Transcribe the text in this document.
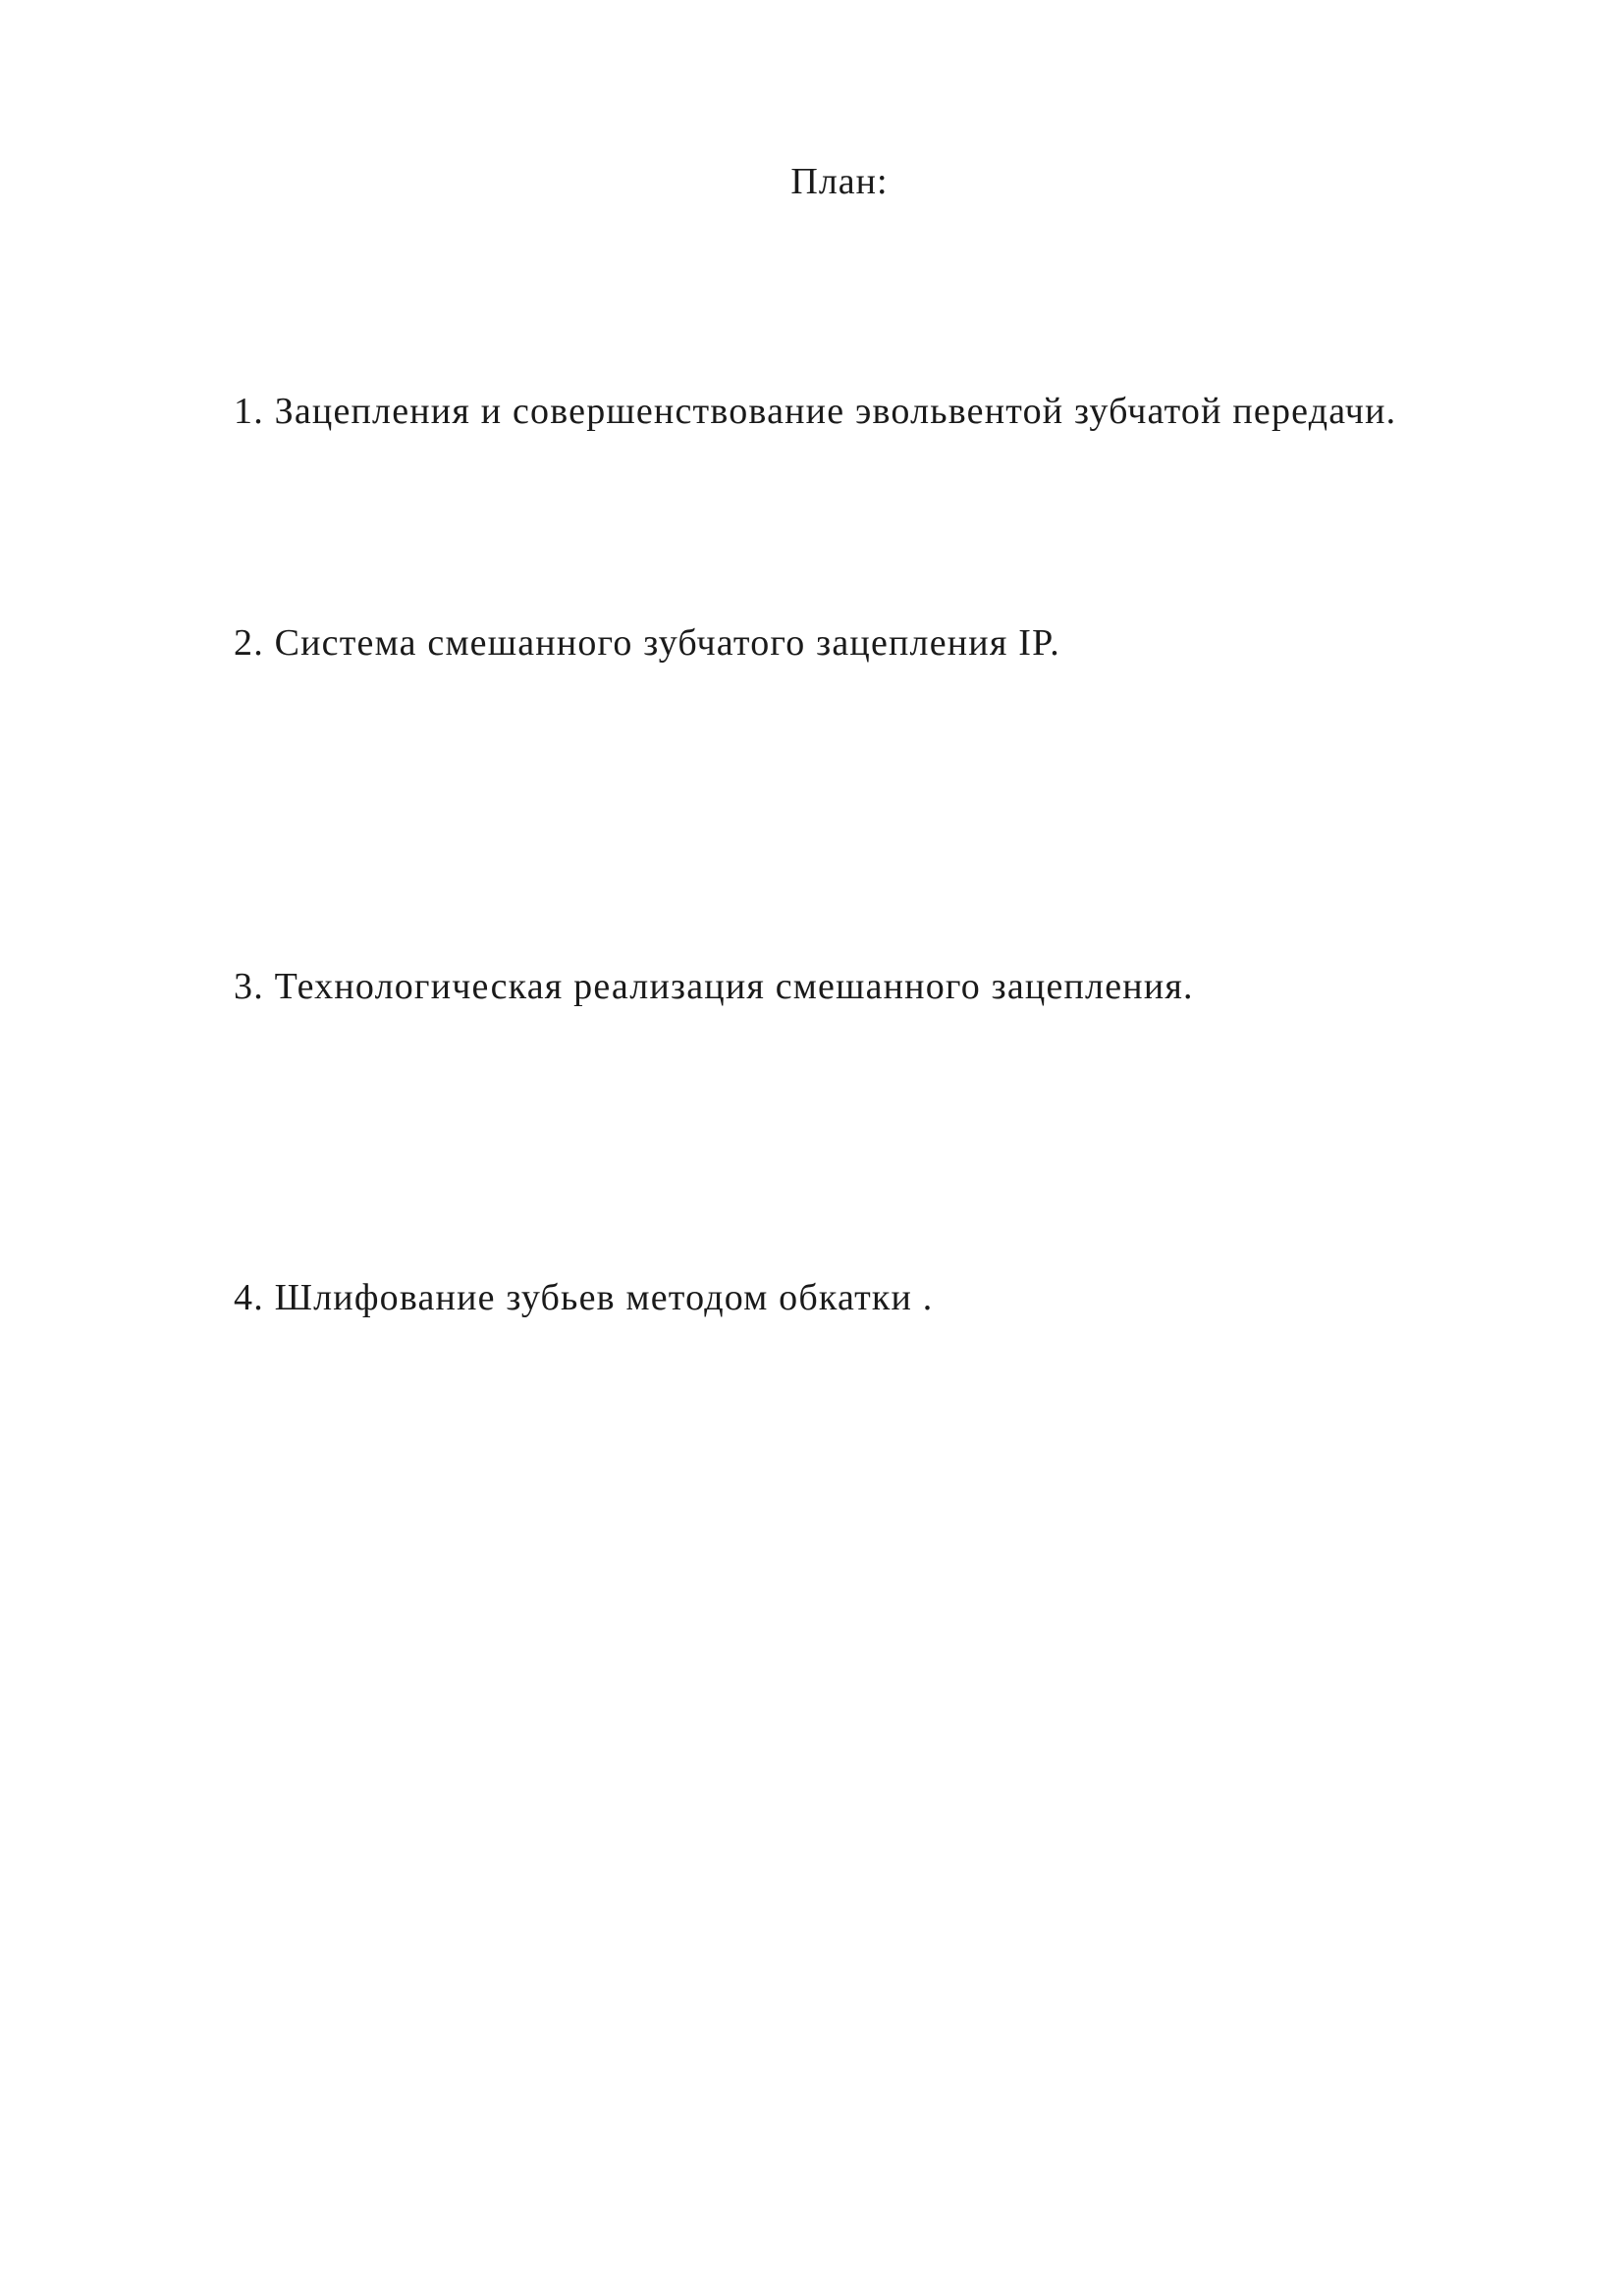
План:
1. Зацепления и совершенствование эвольвентой зубчатой передачи.
2. Система смешанного зубчатого зацепления IP.
3. Технологическая реализация смешанного зацепления.
4. Шлифование зубьев методом обкатки .
